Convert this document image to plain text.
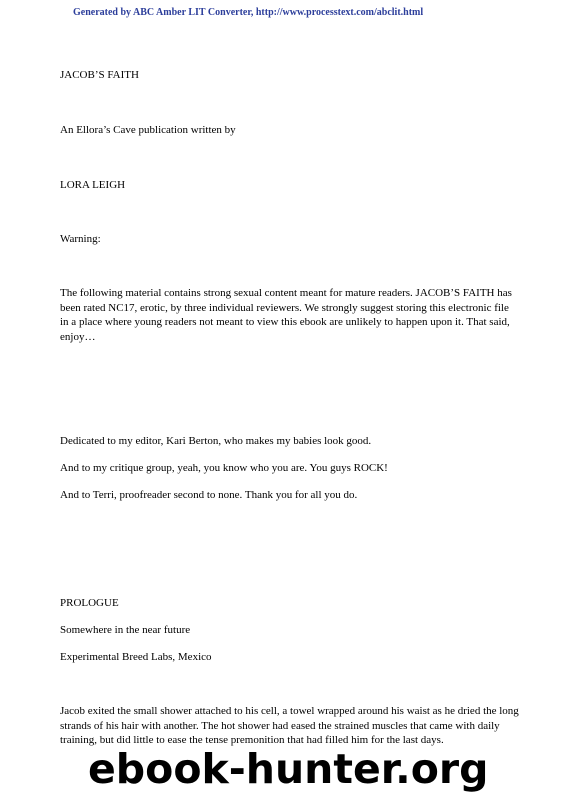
Generated by ABC Amber LIT Converter, http://www.processtext.com/abclit.html
JACOB’S FAITH
An Ellora’s Cave publication written by
LORA LEIGH
Warning:
The following material contains strong sexual content meant for mature readers. JACOB’S FAITH has been rated NC17, erotic, by three individual reviewers. We strongly suggest storing this electronic file in a place where young readers not meant to view this ebook are unlikely to happen upon it. That said, enjoy…
Dedicated to my editor, Kari Berton, who makes my babies look good.
And to my critique group, yeah, you know who you are. You guys ROCK!
And to Terri, proofreader second to none. Thank you for all you do.
PROLOGUE
Somewhere in the near future
Experimental Breed Labs, Mexico
Jacob exited the small shower attached to his cell, a towel wrapped around his waist as he dried the long strands of his hair with another. The hot shower had eased the strained muscles that came with daily training, but did little to ease the tense premonition that had filled him for the last days.
ebook-hunter.org
